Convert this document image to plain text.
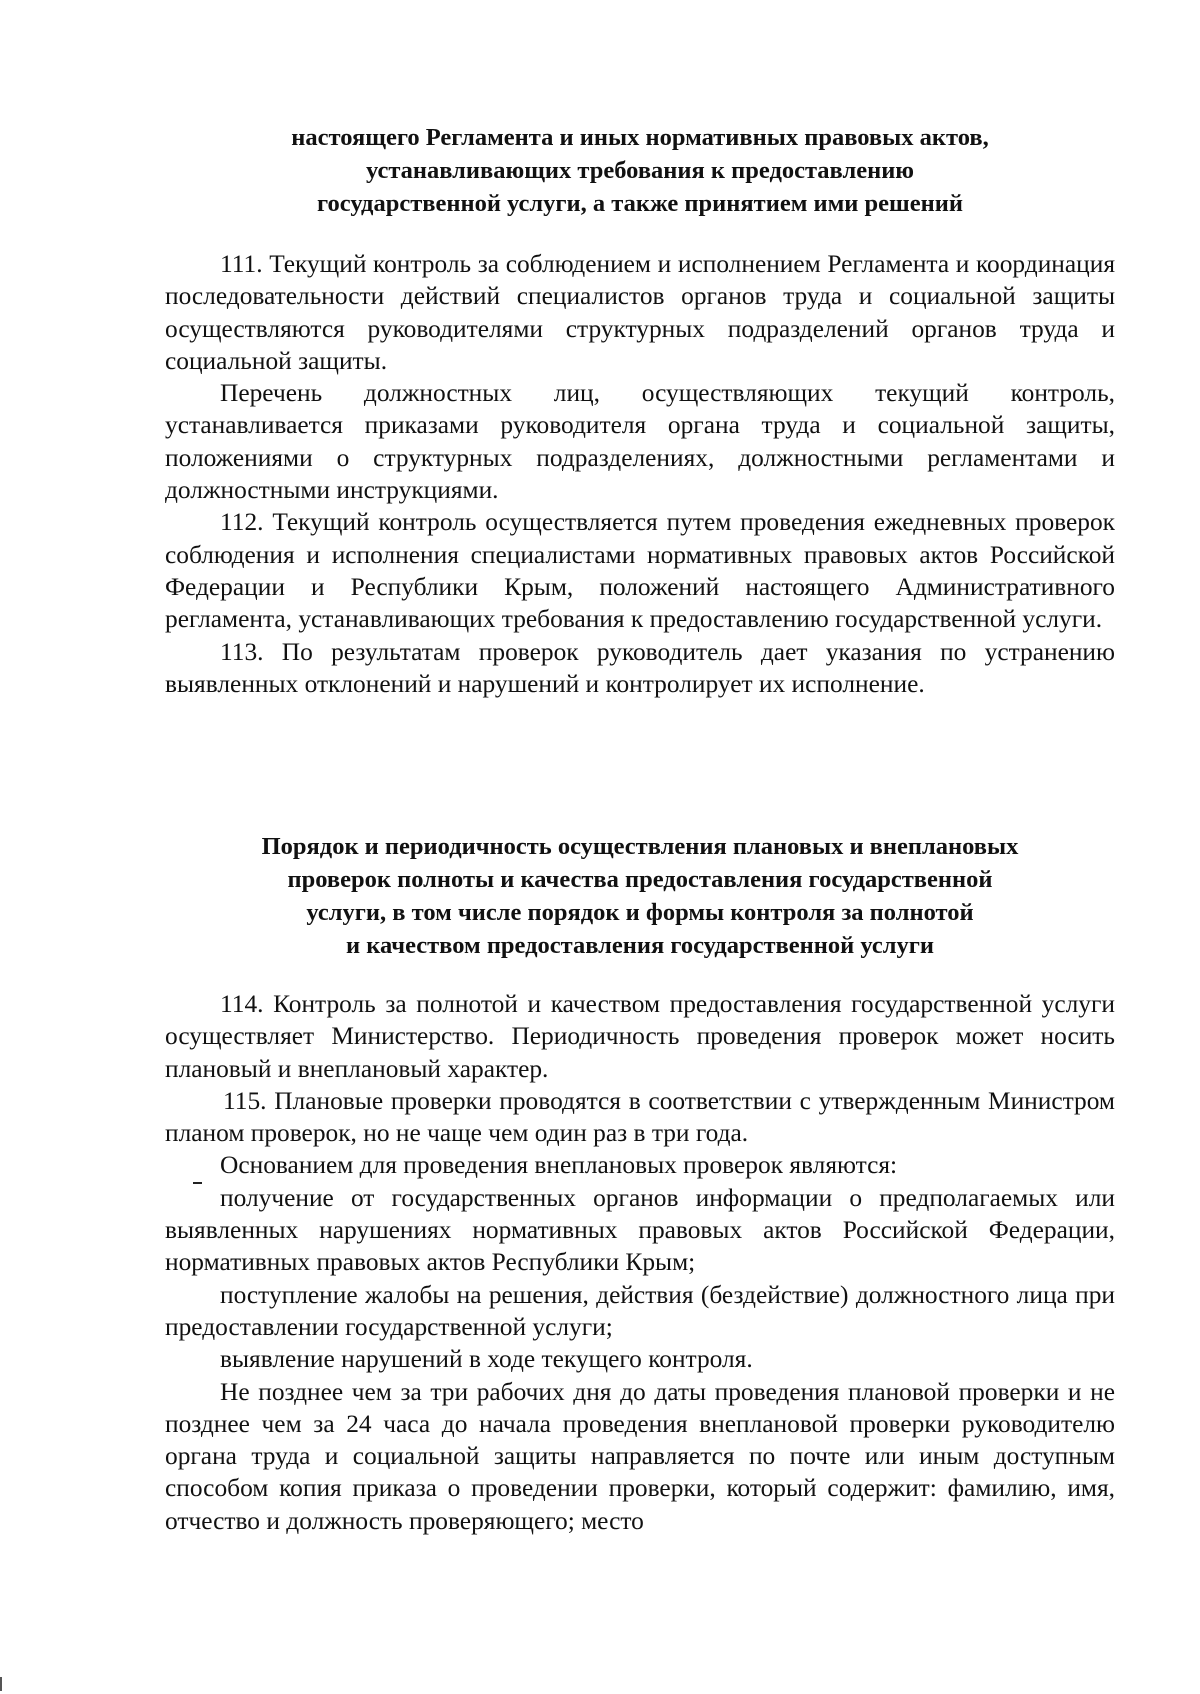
настоящего Регламента и иных нормативных правовых актов,
устанавливающих требования к предоставлению
государственной услуги, а также принятием ими решений

111. Текущий контроль за соблюдением и исполнением Регламента и координация последовательности действий специалистов органов труда и социальной защиты осуществляются руководителями структурных подразделений органов труда и социальной защиты.

Перечень должностных лиц, осуществляющих текущий контроль, устанавливается приказами руководителя органа труда и социальной защиты, положениями о структурных подразделениях, должностными регламентами и должностными инструкциями.

112. Текущий контроль осуществляется путем проведения ежедневных проверок соблюдения и исполнения специалистами нормативных правовых актов Российской Федерации и Республики Крым, положений настоящего Административного регламента, устанавливающих требования к предоставлению государственной услуги.

113. По результатам проверок руководитель дает указания по устранению выявленных отклонений и нарушений и контролирует их исполнение.

Порядок и периодичность осуществления плановых и внеплановых
проверок полноты и качества предоставления государственной
услуги, в том числе порядок и формы контроля за полнотой
и качеством предоставления государственной услуги

114. Контроль за полнотой и качеством предоставления государственной услуги осуществляет Министерство. Периодичность проведения проверок может носить плановый и внеплановый характер.

115. Плановые проверки проводятся в соответствии с утвержденным Министром планом проверок, но не чаще чем один раз в три года.

Основанием для проведения внеплановых проверок являются:

получение от государственных органов информации о предполагаемых или выявленных нарушениях нормативных правовых актов Российской Федерации, нормативных правовых актов Республики Крым;

поступление жалобы на решения, действия (бездействие) должностного лица при предоставлении государственной услуги;

выявление нарушений в ходе текущего контроля.

Не позднее чем за три рабочих дня до даты проведения плановой проверки и не позднее чем за 24 часа до начала проведения внеплановой проверки руководителю органа труда и социальной защиты направляется по почте или иным доступным способом копия приказа о проведении проверки, который содержит: фамилию, имя, отчество и должность проверяющего; место
